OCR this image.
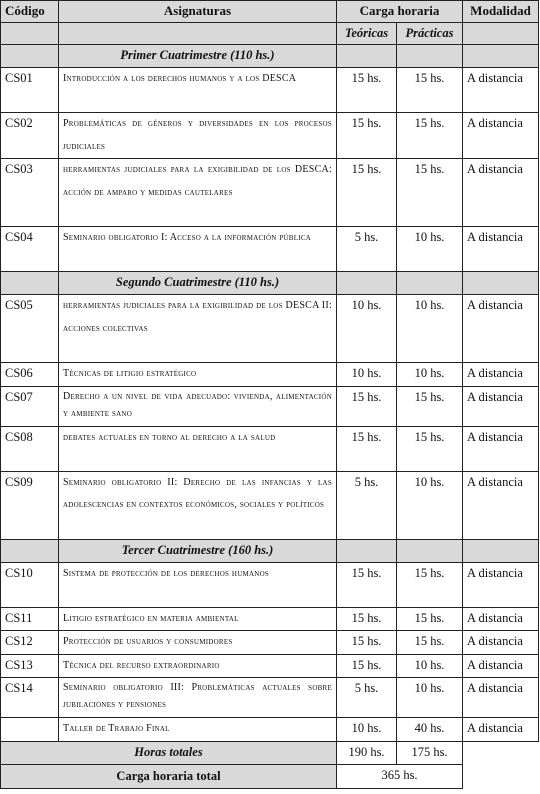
Código	Asignaturas	Carga horaria		Modalidad
		Teóricas	Prácticas	
	Primer Cuatrimestre (110 hs.)			
CS01	Introducción a los derechos humanos y a los DESCA	15 hs.	15 hs.	A distancia
CS02	Problemáticas de géneros y diversidades en los procesos judiciales	15 hs.	15 hs.	A distancia
CS03	herramientas judiciales para la exigibilidad de los DESCA: acción de amparo y medidas cautelares	15 hs.	15 hs.	A distancia
CS04	Seminario obligatorio I: Acceso a la información pública	5 hs.	10 hs.	A distancia
	Segundo Cuatrimestre (110 hs.)			
CS05	herramientas judiciales para la exigibilidad de los DESCA II: acciones colectivas	10 hs.	10 hs.	A distancia
CS06	Técnicas de litigio estratégico	10 hs.	10 hs.	A distancia
CS07	Derecho a un nivel de vida adecuado: vivienda, alimentación y ambiente sano	15 hs.	15 hs.	A distancia
CS08	debates actuales en torno al derecho a la salud	15 hs.	15 hs.	A distancia
CS09	Seminario obligatorio II: Derecho de las infancias y las adolescencias en contextos económicos, sociales y políticos	5 hs.	10 hs.	A distancia
	Tercer Cuatrimestre (160 hs.)			
CS10	Sistema de protección de los derechos humanos	15 hs.	15 hs.	A distancia
CS11	Litigio estratégico en materia ambiental	15 hs.	15 hs.	A distancia
CS12	Protección de usuarios y consumidores	15 hs.	15 hs.	A distancia
CS13	Técnica del recurso extraordinario	15 hs.	10 hs.	A distancia
CS14	Seminario obligatorio III: Problemáticas actuales sobre jubilaciones y pensiones	5 hs.	10 hs.	A distancia
	Taller de Trabajo Final	10 hs.	40 hs.	A distancia
Horas totales		190 hs.	175 hs.	
Carga horaria total		365 hs.		
